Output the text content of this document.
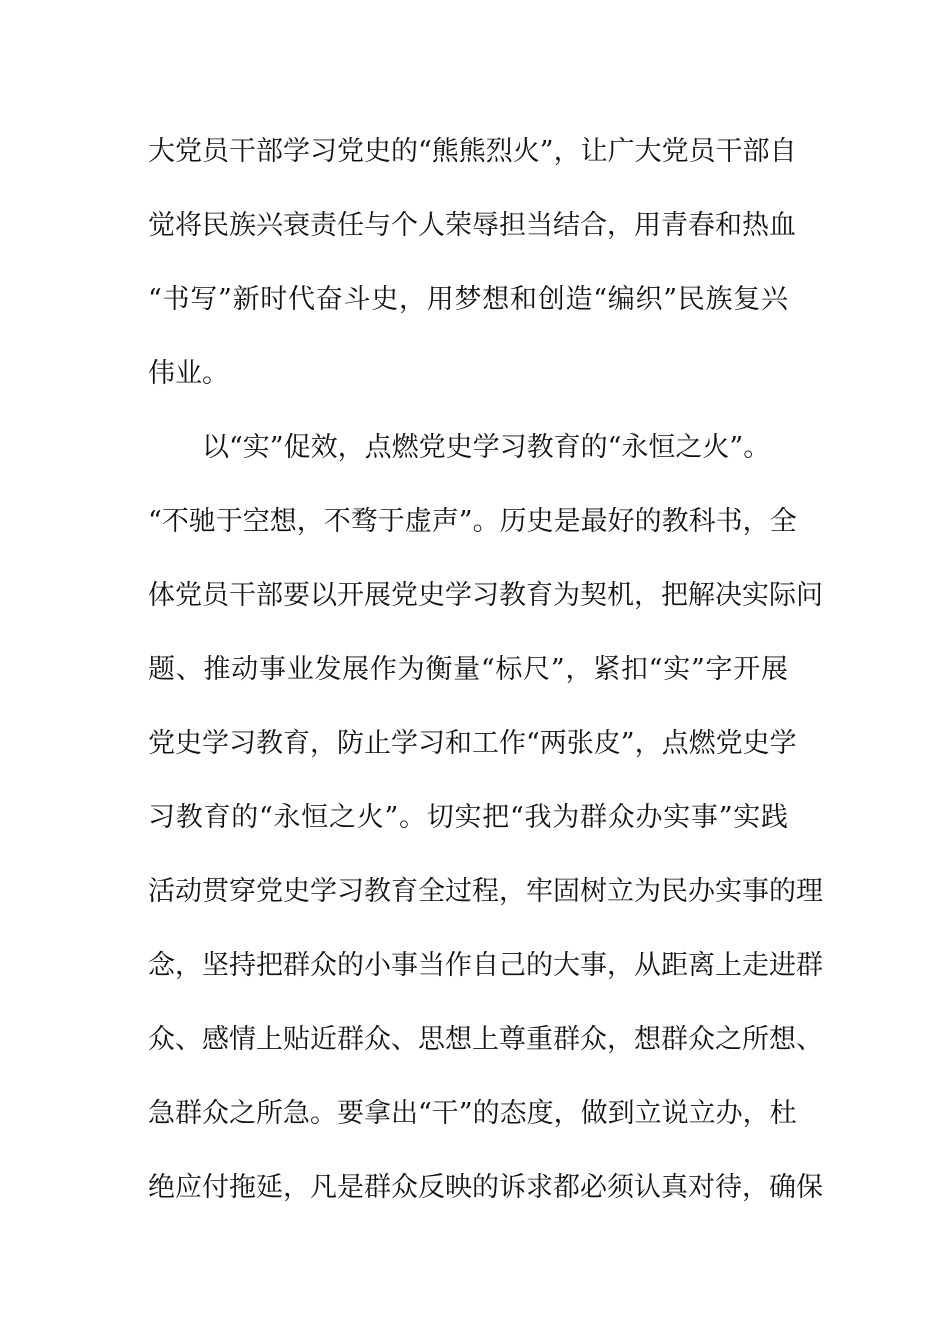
大党员干部学习党史的“熊熊烈火”，让广大党员干部自
觉将民族兴衰责任与个人荣辱担当结合，用青春和热血
“书写”新时代奋斗史，用梦想和创造“编织”民族复兴
伟业。
以“实”促效，点燃党史学习教育的“永恒之火”。
“不驰于空想，不骛于虚声”。历史是最好的教科书，全
体党员干部要以开展党史学习教育为契机，把解决实际问
题、推动事业发展作为衡量“标尺”，紧扣“实”字开展
党史学习教育，防止学习和工作“两张皮”，点燃党史学
习教育的“永恒之火”。切实把“我为群众办实事”实践
活动贯穿党史学习教育全过程，牢固树立为民办实事的理
念，坚持把群众的小事当作自己的大事，从距离上走进群
众、感情上贴近群众、思想上尊重群众，想群众之所想、
急群众之所急。要拿出“干”的态度，做到立说立办，杜
绝应付拖延，凡是群众反映的诉求都必须认真对待，确保
